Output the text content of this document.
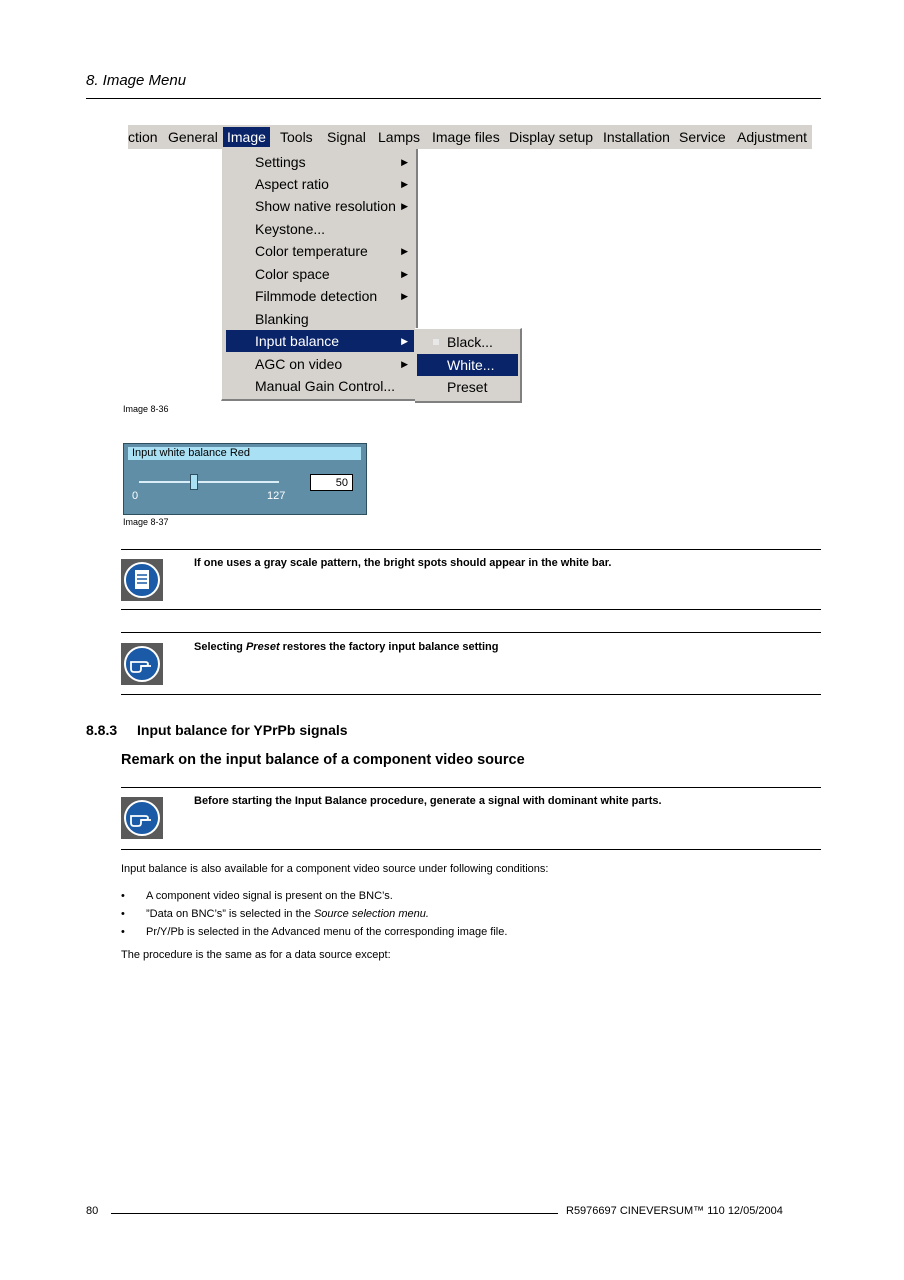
8. Image Menu
ction General Image Tools Signal Lamps Image files Display setup Installation Service Adjustment
Settings	▶
Aspect ratio	▶
Show native resolution ▶
Keystone...
Color temperature	▶
Color space	▶
Filmmode detection	▶
Blanking
Input balance	▶
AGC on video	▶
Manual Gain Control...
Black...
White...
Preset
Image 8-36
Input white balance Red
0	127
50
Image 8-37
If one uses a gray scale pattern, the bright spots should appear in the white bar.
Selecting Preset restores the factory input balance setting
8.8.3 Input balance for YPrPb signals
Remark on the input balance of a component video source
Before starting the Input Balance procedure, generate a signal with dominant white parts.
Input balance is also available for a component video source under following conditions:
• A component video signal is present on the BNC’s.
• ”Data on BNC’s” is selected in the Source selection menu.
• Pr/Y/Pb is selected in the Advanced menu of the corresponding image file.
The procedure is the same as for a data source except:
80	R5976697 CINEVERSUM™ 110 12/05/2004
